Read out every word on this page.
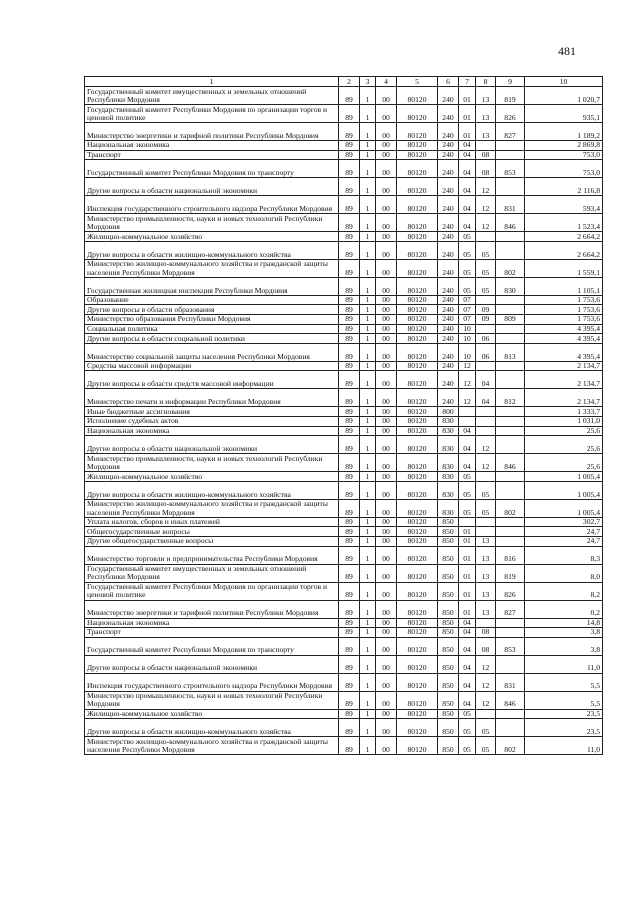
481
1	2	3	4	5	6	7	8	9	10
Государственный комитет имущественных и земельных отношений Республики Мордовия	89	1	00	80120	240	01	13	819	1 020,7
Государственный комитет Республики Мордовия по организации торгов и ценовой политике	89	1	00	80120	240	01	13	826	935,1
Министерство энергетики и тарифной политики Республики Мордовия	89	1	00	80120	240	01	13	827	1 189,2
Национальная экономика	89	1	00	80120	240	04			2 869,8
Транспорт	89	1	00	80120	240	04	08		753,0
Государственный комитет Республики Мордовия по транспорту	89	1	00	80120	240	04	08	853	753,0
Другие вопросы в области национальной экономики	89	1	00	80120	240	04	12		2 116,8
Инспекция государственного строительного надзора Республики Мордовия	89	1	00	80120	240	04	12	831	593,4
Министерство промышленности, науки и новых технологий Республики Мордовия	89	1	00	80120	240	04	12	846	1 523,4
Жилищно-коммунальное хозяйство	89	1	00	80120	240	05			2 664,2
Другие вопросы в области жилищно-коммунального хозяйства	89	1	00	80120	240	05	05		2 664,2
Министерство жилищно-коммунального хозяйства и гражданской защиты населения Республики Мордовия	89	1	00	80120	240	05	05	802	1 559,1
Государственная жилищная инспекция Республики Мордовия	89	1	00	80120	240	05	05	830	1 105,1
Образование	89	1	00	80120	240	07			1 753,6
Другие вопросы в области образования	89	1	00	80120	240	07	09		1 753,6
Министерство образования Республики Мордовия	89	1	00	80120	240	07	09	809	1 753,6
Социальная политика	89	1	00	80120	240	10			4 395,4
Другие вопросы в области социальной политики	89	1	00	80120	240	10	06		4 395,4
Министерство социальной защиты населения Республики Мордовия	89	1	00	80120	240	10	06	813	4 395,4
Средства массовой информации	89	1	00	80120	240	12			2 134,7
Другие вопросы в области средств массовой информации	89	1	00	80120	240	12	04		2 134,7
Министерство печати и информации Республики Мордовия	89	1	00	80120	240	12	04	812	2 134,7
Иные бюджетные ассигнования	89	1	00	80120	800				1 333,7
Исполнение судебных актов	89	1	00	80120	830				1 031,0
Национальная экономика	89	1	00	80120	830	04			25,6
Другие вопросы в области национальной экономики	89	1	00	80120	830	04	12		25,6
Министерство промышленности, науки и новых технологий Республики Мордовия	89	1	00	80120	830	04	12	846	25,6
Жилищно-коммунальное хозяйство	89	1	00	80120	830	05			1 005,4
Другие вопросы в области жилищно-коммунального хозяйства	89	1	00	80120	830	05	05		1 005,4
Министерство жилищно-коммунального хозяйства и гражданской защиты населения Республики Мордовия	89	1	00	80120	830	05	05	802	1 005,4
Уплата налогов, сборов и иных платежей	89	1	00	80120	850				302,7
Общегосударственные вопросы	89	1	00	80120	850	01			24,7
Другие общегосударственные вопросы	89	1	00	80120	850	01	13		24,7
Министерство торговли и предпринимательства Республики Мордовия	89	1	00	80120	850	01	13	816	8,3
Государственный комитет имущественных и земельных отношений Республики Мордовия	89	1	00	80120	850	01	13	819	8,0
Государственный комитет Республики Мордовия по организации торгов и ценовой политике	89	1	00	80120	850	01	13	826	8,2
Министерство энергетики и тарифной политики Республики Мордовия	89	1	00	80120	850	01	13	827	0,2
Национальная экономика	89	1	00	80120	850	04			14,8
Транспорт	89	1	00	80120	850	04	08		3,8
Государственный комитет Республики Мордовия по транспорту	89	1	00	80120	850	04	08	853	3,8
Другие вопросы в области национальной экономики	89	1	00	80120	850	04	12		11,0
Инспекция государственного строительного надзора Республики Мордовия	89	1	00	80120	850	04	12	831	5,5
Министерство промышленности, науки и новых технологий Республики Мордовия	89	1	00	80120	850	04	12	846	5,5
Жилищно-коммунальное хозяйство	89	1	00	80120	850	05			23,5
Другие вопросы в области жилищно-коммунального хозяйства	89	1	00	80120	850	05	05		23,5
Министерство жилищно-коммунального хозяйства и гражданской защиты населения Республики Мордовия	89	1	00	80120	850	05	05	802	11,0
